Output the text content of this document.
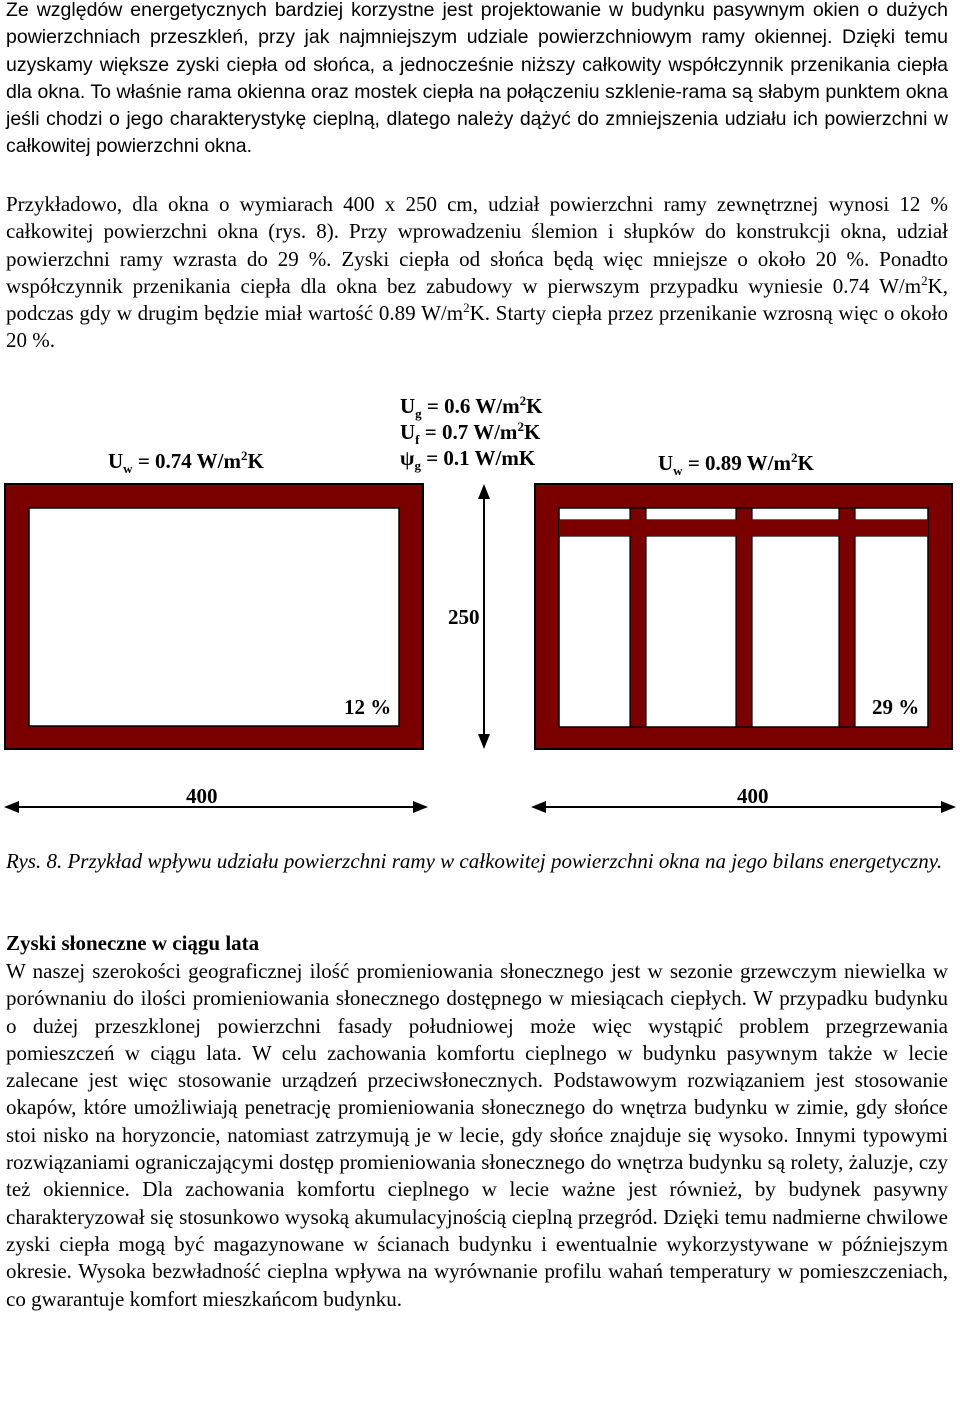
Ze względów energetycznych bardziej korzystne jest projektowanie w budynku pasywnym okien o dużych powierzchniach przeszkleń, przy jak najmniejszym udziale powierzchniowym ramy okiennej. Dzięki temu uzyskamy większe zyski ciepła od słońca, a jednocześnie niższy całkowity współczynnik przenikania ciepła dla okna. To właśnie rama okienna oraz mostek ciepła na połączeniu szklenie-rama są słabym punktem okna jeśli chodzi o jego charakterystykę cieplną, dlatego należy dążyć do zmniejszenia udziału ich powierzchni w całkowitej powierzchni okna.

Przykładowo, dla okna o wymiarach 400 x 250 cm, udział powierzchni ramy zewnętrznej wynosi 12 % całkowitej powierzchni okna (rys. 8). Przy wprowadzeniu ślemion i słupków do konstrukcji okna, udział powierzchni ramy wzrasta do 29 %. Zyski ciepła od słońca będą więc mniejsze o około 20 %. Ponadto współczynnik przenikania ciepła dla okna bez zabudowy w pierwszym przypadku wyniesie 0.74 $W/m^2K$, podczas gdy w drugim będzie miał wartość 0.89 $W/m^2K$. Starty ciepła przez przenikanie wzrosną więc o około 20 %.

$U_w = 0.74$ $W/m^2K$
$U_g = 0.6$ $W/m^2K$
$U_f = 0.7$ $W/m^2K$
$\psi_g = 0.1$ W/mK	$U_w = 0.89$ $W/m^2K$
250
12 %	29 %
400	400

Rys. 8. Przykład wpływu udziału powierzchni ramy w całkowitej powierzchni okna na jego bilans energetyczny.

Zyski słoneczne w ciągu lata

W naszej szerokości geograficznej ilość promieniowania słonecznego jest w sezonie grzewczym niewielka w porównaniu do ilości promieniowania słonecznego dostępnego w miesiącach ciepłych. W przypadku budynku o dużej przeszklonej powierzchni fasady południowej może więc wystąpić problem przegrzewania pomieszczeń w ciągu lata. W celu zachowania komfortu cieplnego w budynku pasywnym także w lecie zalecane jest więc stosowanie urządzeń przeciwsłonecznych. Podstawowym rozwiązaniem jest stosowanie okapów, które umożliwiają penetrację promieniowania słonecznego do wnętrza budynku w zimie, gdy słońce stoi nisko na horyzoncie, natomiast zatrzymują je w lecie, gdy słońce znajduje się wysoko. Innymi typowymi rozwiązaniami ograniczającymi dostęp promieniowania słonecznego do wnętrza budynku są rolety, żaluzje, czy też okiennice. Dla zachowania komfortu cieplnego w lecie ważne jest również, by budynek pasywny charakteryzował się stosunkowo wysoką akumulacyjnością cieplną przegród. Dzięki temu nadmierne chwilowe zyski ciepła mogą być magazynowane w ścianach budynku i ewentualnie wykorzystywane w późniejszym okresie. Wysoka bezwładność cieplna wpływa na wyrównanie profilu wahań temperatury w pomieszczeniach, co gwarantuje komfort mieszkańcom budynku.
